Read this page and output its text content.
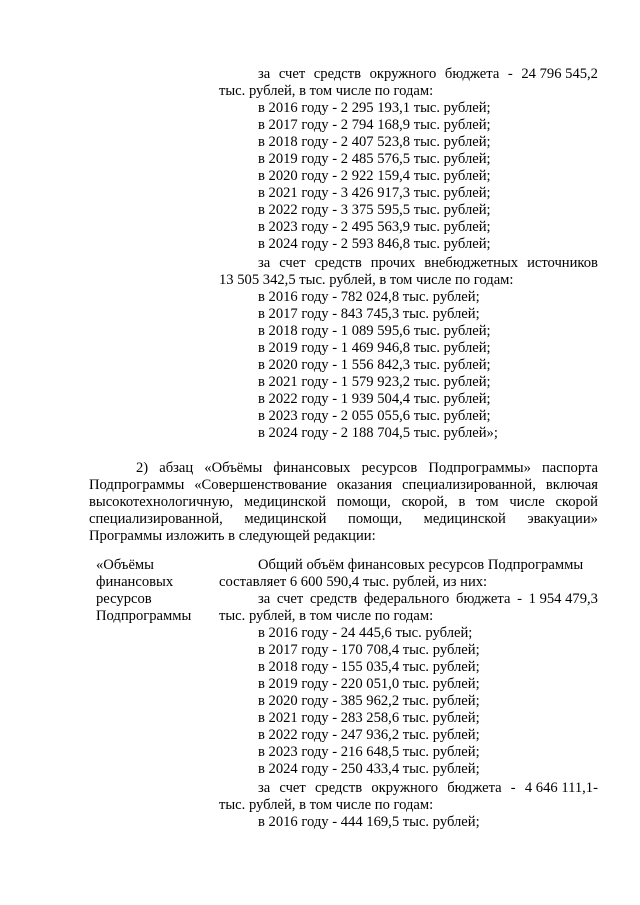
за счет средств окружного бюджета - 24 796 545,2
тыс. рублей, в том числе по годам:
в 2016 году - 2 295 193,1 тыс. рублей;
в 2017 году - 2 794 168,9 тыс. рублей;
в 2018 году - 2 407 523,8 тыс. рублей;
в 2019 году - 2 485 576,5 тыс. рублей;
в 2020 году - 2 922 159,4 тыс. рублей;
в 2021 году - 3 426 917,3 тыс. рублей;
в 2022 году - 3 375 595,5 тыс. рублей;
в 2023 году - 2 495 563,9 тыс. рублей;
в 2024 году - 2 593 846,8 тыс. рублей;
за счет средств прочих внебюджетных источников
13 505 342,5 тыс. рублей, в том числе по годам:
в 2016 году - 782 024,8 тыс. рублей;
в 2017 году - 843 745,3 тыс. рублей;
в 2018 году - 1 089 595,6 тыс. рублей;
в 2019 году - 1 469 946,8 тыс. рублей;
в 2020 году - 1 556 842,3 тыс. рублей;
в 2021 году - 1 579 923,2 тыс. рублей;
в 2022 году - 1 939 504,4 тыс. рублей;
в 2023 году - 2 055 055,6 тыс. рублей;
в 2024 году - 2 188 704,5 тыс. рублей»;
2) абзац «Объёмы финансовых ресурсов Подпрограммы» паспорта
Подпрограммы «Совершенствование оказания специализированной, включая
высокотехнологичную, медицинской помощи, скорой, в том числе скорой
специализированной, медицинской помощи, медицинской эвакуации»
Программы изложить в следующей редакции:
«Объёмы
финансовых
ресурсов
Подпрограммы
Общий объём финансовых ресурсов Подпрограммы
составляет 6 600 590,4 тыс. рублей, из них:
за счет средств федерального бюджета - 1 954 479,3
тыс. рублей, в том числе по годам:
в 2016 году - 24 445,6 тыс. рублей;
в 2017 году - 170 708,4 тыс. рублей;
в 2018 году - 155 035,4 тыс. рублей;
в 2019 году - 220 051,0 тыс. рублей;
в 2020 году - 385 962,2 тыс. рублей;
в 2021 году - 283 258,6 тыс. рублей;
в 2022 году - 247 936,2 тыс. рублей;
в 2023 году - 216 648,5 тыс. рублей;
в 2024 году - 250 433,4 тыс. рублей;
за счет средств окружного бюджета - 4 646 111,1-
тыс. рублей, в том числе по годам:
в 2016 году - 444 169,5 тыс. рублей;
